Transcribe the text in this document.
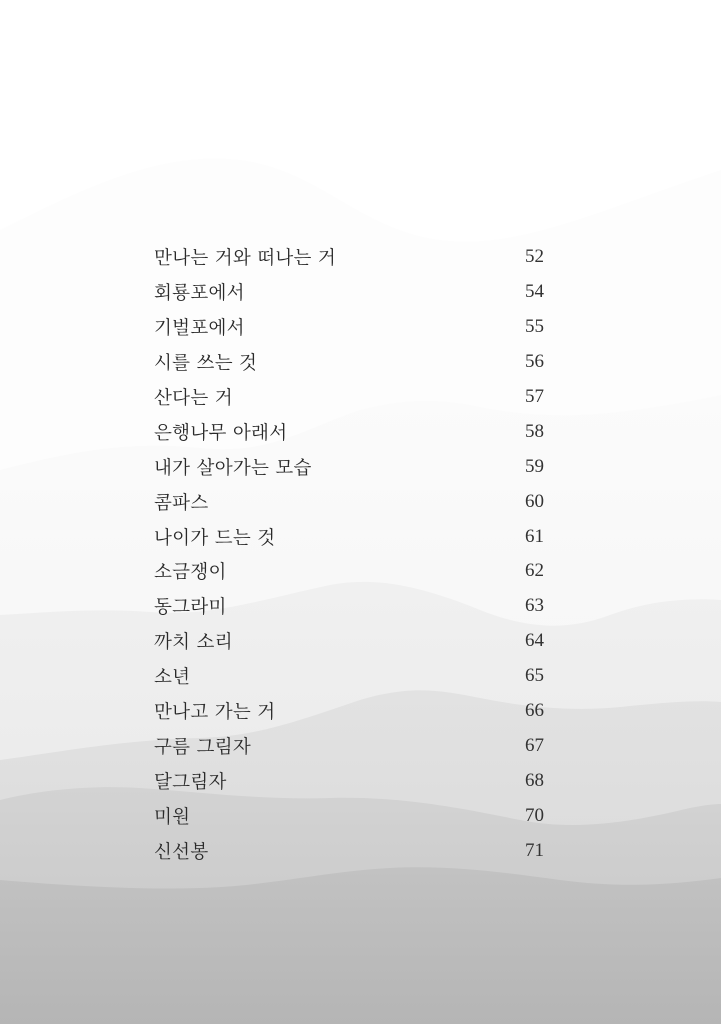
만나는 거와 떠나는 거	52
회룡포에서	54
기벌포에서	55
시를 쓰는 것	56
산다는 거	57
은행나무 아래서	58
내가 살아가는 모습	59
콤파스	60
나이가 드는 것	61
소금쟁이	62
동그라미	63
까치 소리	64
소년	65
만나고 가는 거	66
구름 그림자	67
달그림자	68
미원	70
신선봉	71
